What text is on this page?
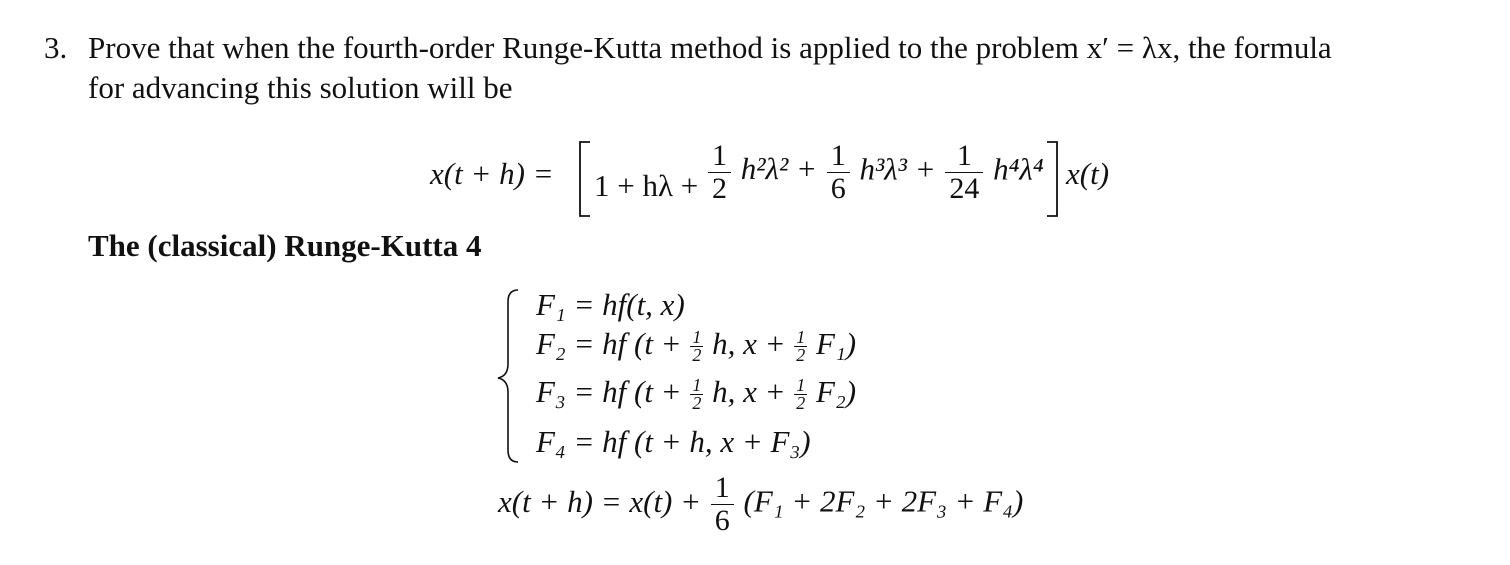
3. Prove that when the fourth-order Runge-Kutta method is applied to the problem x′ = λx, the formula
for advancing this solution will be
$x(t + h) = 1 + h\lambda + \frac{1}{2} h^2\lambda^2 + \frac{1}{6} h^3\lambda^3 + \frac{1}{24} h^4\lambda^4$ x(t)
The (classical) Runge-Kutta 4
F₁ = hf(t, x)
F₂ = hf ($t + \frac{1}{2} h$, $x + \frac{1}{2} F_1$)
F₃ = hf ($t + \frac{1}{2} h$, $x + \frac{1}{2} F_2$)
F₄ = hf (t + h, x + F₃)
$x(t + h) = x(t) + \frac{1}{6} (F_1 + 2F_2 + 2F_3 + F_4)$
